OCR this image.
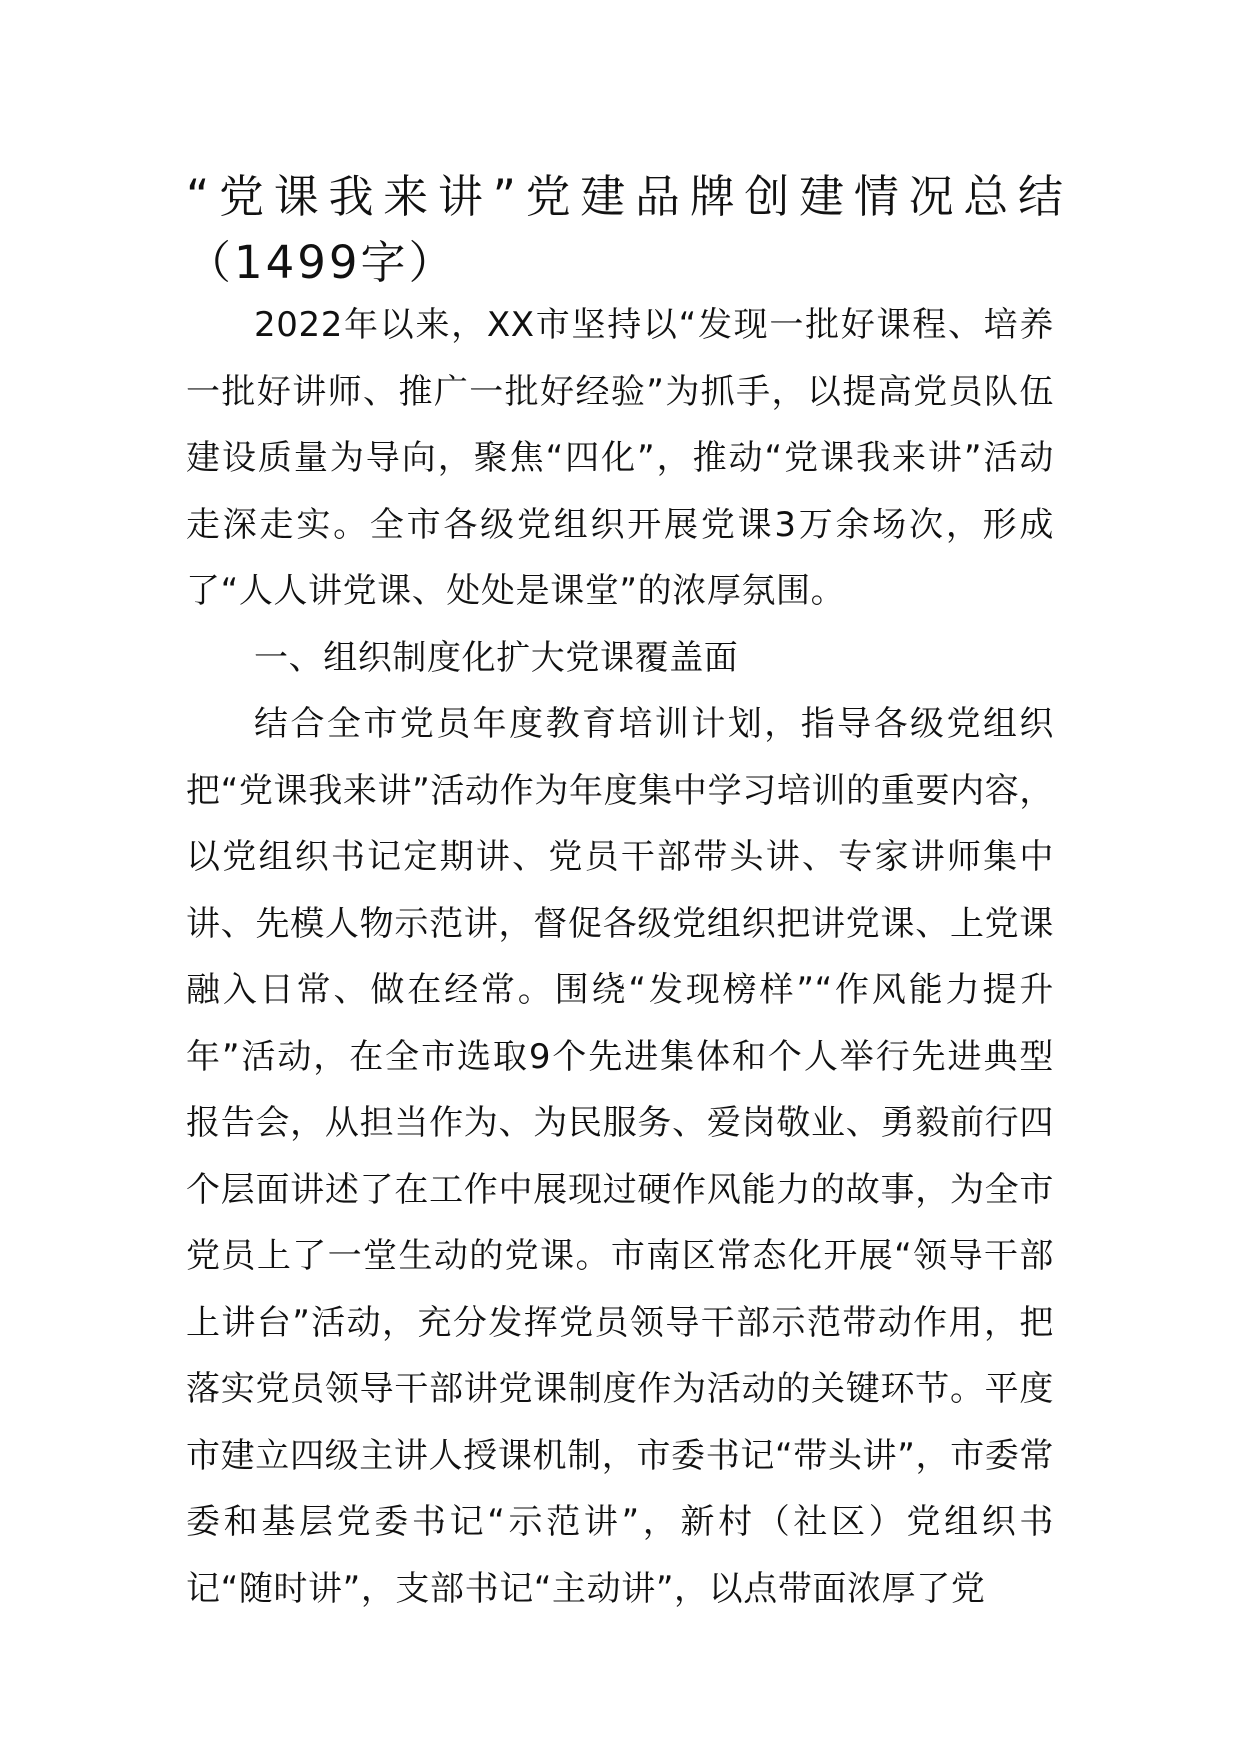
“党课我来讲”党建品牌创建情况总结（1499字）

2022年以来，XX市坚持以“发现一批好课程、培养一批好讲师、推广一批好经验”为抓手，以提高党员队伍建设质量为导向，聚焦“四化”，推动“党课我来讲”活动走深走实。全市各级党组织开展党课3万余场次，形成了“人人讲党课、处处是课堂”的浓厚氛围。

一、组织制度化扩大党课覆盖面

结合全市党员年度教育培训计划，指导各级党组织把“党课我来讲”活动作为年度集中学习培训的重要内容，以党组织书记定期讲、党员干部带头讲、专家讲师集中讲、先模人物示范讲，督促各级党组织把讲党课、上党课融入日常、做在经常。围绕“发现榜样”“作风能力提升年”活动，在全市选取9个先进集体和个人举行先进典型报告会，从担当作为、为民服务、爱岗敬业、勇毅前行四个层面讲述了在工作中展现过硬作风能力的故事，为全市党员上了一堂生动的党课。市南区常态化开展“领导干部上讲台”活动，充分发挥党员领导干部示范带动作用，把落实党员领导干部讲党课制度作为活动的关键环节。平度市建立四级主讲人授课机制，市委书记“带头讲”，市委常委和基层党委书记“示范讲”，新村（社区）党组织书记“随时讲”，支部书记“主动讲”，以点带面浓厚了党
